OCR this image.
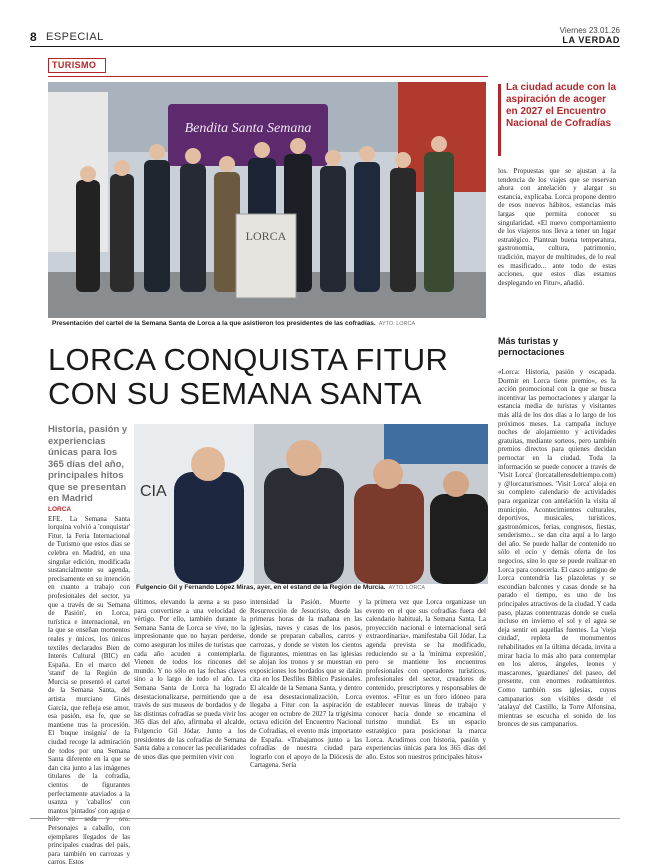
8 ESPECIAL
Viernes 23.01.26
LA VERDAD
TURISMO
Bendita Santa Semana
LORCA
Presentación del cartel de la Semana Santa de Lorca a la que asistieron los presidentes de las cofradías. AYTO. LORCA
LORCA CONQUISTA FITUR
CON SU SEMANA SANTA
Historia, pasión y experiencias únicas para los 365 días del año, principales hitos que se presentan en Madrid	CIA
Fulgencio Gil y Fernando López Miras, ayer, en el estand de la Región de Murcia. AYTO. LORCA
LORCA
EFE. La Semana Santa lorquina volvió a 'conquistar' Fitur, la Feria Internacional de Turismo que estos días se celebra en Madrid, en una singular edición, modificada sustancialmente su agenda, precisamente en su intención en cuanto a trabajo con profesionales del sector, ya que a través de su 'Semana de Pasión', en Lorca, turística e internacional, en la que se enseñan momentos reales y únicos, los únicos textiles declarados Bien de Interés Cultural (BIC) en España. En el marco del 'stand' de la Región de Murcia se presentó el cartel de la Semana Santa, del artista murciano Ginés García, que refleja ese amor, esa pasión, esa fe, que se mantiene tras la procesión. El 'buque insignia' de la ciudad recoge la admiración de todos por una Semana Santa diferente en la que se dan cita junto a las imágenes titulares de la cofradía, cientos de figurantes perfectamente ataviados a la usanza y 'caballos' con mantos 'pintados' con aguja e hilo en seda y oro. Personajes a caballo, con ejemplares llegados de las principales cuadras del país, para también en carrozas y carros. Estos
últimos, elevando la arena a su paso para convertirse a una velocidad de vértigo. Por ello, también durante la Semana Santa de Lorca se vive, no la impresionante que no hayan perderse, como aseguran los miles de turistas que cada año acuden a contemplarla. Vienen de todos los rincones del mundo. Y no sólo en las fechas claves sino a lo largo de todo el año. La Semana Santa de Lorca ha logrado desestacionalizarse, permitiendo que a través de sus museos de bordados y de las distintas cofradías se pueda vivir los 365 días del año, afirmaba el alcalde, Fulgencio Gil Jódar. Junto a los presidentes de las cofradías de Semana Santa daba a conocer las peculiaridades de unos días que permiten vivir con
intensidad la Pasión. Muerte y Resurrección de Jesucristo, desde las primeras horas de la mañana en las iglesias, naves y casas de los pasos, donde se preparan caballos, carros y carrozas, y donde se visten los cientos de figurantes, mientras en las iglesias se alojan los tronos y se muestran en exposiciones los bordados que se darán cita en los Desfiles Bíblico Pasionales. El alcalde de la Semana Santa, y dentro de esa desestacionalización, Lorca llegaba a Fitur con la aspiración de acoger en octubre de 2027 la trigésima octava edición del Encuentro Nacional de Cofradías, el evento más importante de España. «Trabajamos junto a las cofradías de nuestra ciudad para lograrlo con el apoyo de la Diócesis de Cartagena. Sería
la primera vez que Lorca organizase un evento en el que sus cofradías fuera del calendario habitual, la Semana Santa. La proyección nacional e internacional será extraordinaria», manifestaba Gil Jódar. La agenda prevista se ha modificado, reduciendo su a la 'mínima expresión', pero se mantiene los encuentros profesionales con operadores turísticos, profesionales del sector, creadores de contenido, prescriptores y responsables de eventos. «Fitur es un foro idóneo para establecer nuevas líneas de trabajo y conocer hacia donde se encamina el turismo mundial. Es un espacio estratégico para posicionar la marca Lorca. Acudimos con historia, pasión y experiencias únicas para los 365 días del año. Estos son nuestros principales hitos»
La ciudad acude con la aspiración de acoger en 2027 el Encuentro Nacional de Cofradías
los. Propuestas que se ajustan a la tendencia de los viajes que se reservan ahora con antelación y alargar su estancia, explicaba. Lorca propone dentro de esos nuevos hábitos, estancias más largas que permita conocer su singularidad. «El nuevo comportamiento de los viajeros nos lleva a tener un lugar estratégico. Plantean buena temperatura, gastronomía, cultura, patrimonio, tradición, mayor de multitudes, de lo real es masificado... ante todo de estas acciones, que estos días estamos desplegando en Fitur», añadió.
Más turistas y pernoctaciones
«Lorca: Historia, pasión y escapada. Dormir en Lorca tiene premio», es la acción promocional con la que se busca incentivar las pernoctaciones y alargar la estancia media de turistas y visitantes más allá de los dos días a lo largo de los próximos meses. La campaña incluye noches de alojamiento y actividades gratuitas, mediante sorteos, pero también premios directos para quienes decidan pernoctar en la ciudad. Toda la información se puede conocer a través de 'Visit Lorca' (lorcatalleresdeltiempo.com) y @lorcaturismoes. 'Visit Lorca' aloja en su completo calendario de actividades para organizar con antelación la visita al municipio. Acontecimientos culturales, deportivos, musicales, turísticos, gastronómicos, ferias, congresos, fiestas, senderismo... se dan cita aquí a lo largo del año. Se puede hallar de contenido no sólo el ocio y demás oferta de los negocios, sino lo que se puede realizar en Lorca para conocerla. El casco antiguo de Lorca contendría las plazoletas y se escondían balcones y casas donde se ha parado el tiempo, es uno de los principales atractivos de la ciudad. Y cada paso, plazas contentrazas donde se cuela incluso en invierno el sol y el agua se deja sentir en aquellas fuentes. La 'vieja ciudad', repleta de monumentos rehabilitados en la última década, invita a mirar hacia lo más alto para contemplar en los aleros, ángeles, leones y mascarones, 'guardianes' del paseo, del presente, con enormes rodeamientos. Como también sus iglesias, cuyos campanarios son visibles desde el 'atalaya' del Castillo, la Torre Alfonsina, mientras se escucha el sonido de los bronces de sus campanarios.
